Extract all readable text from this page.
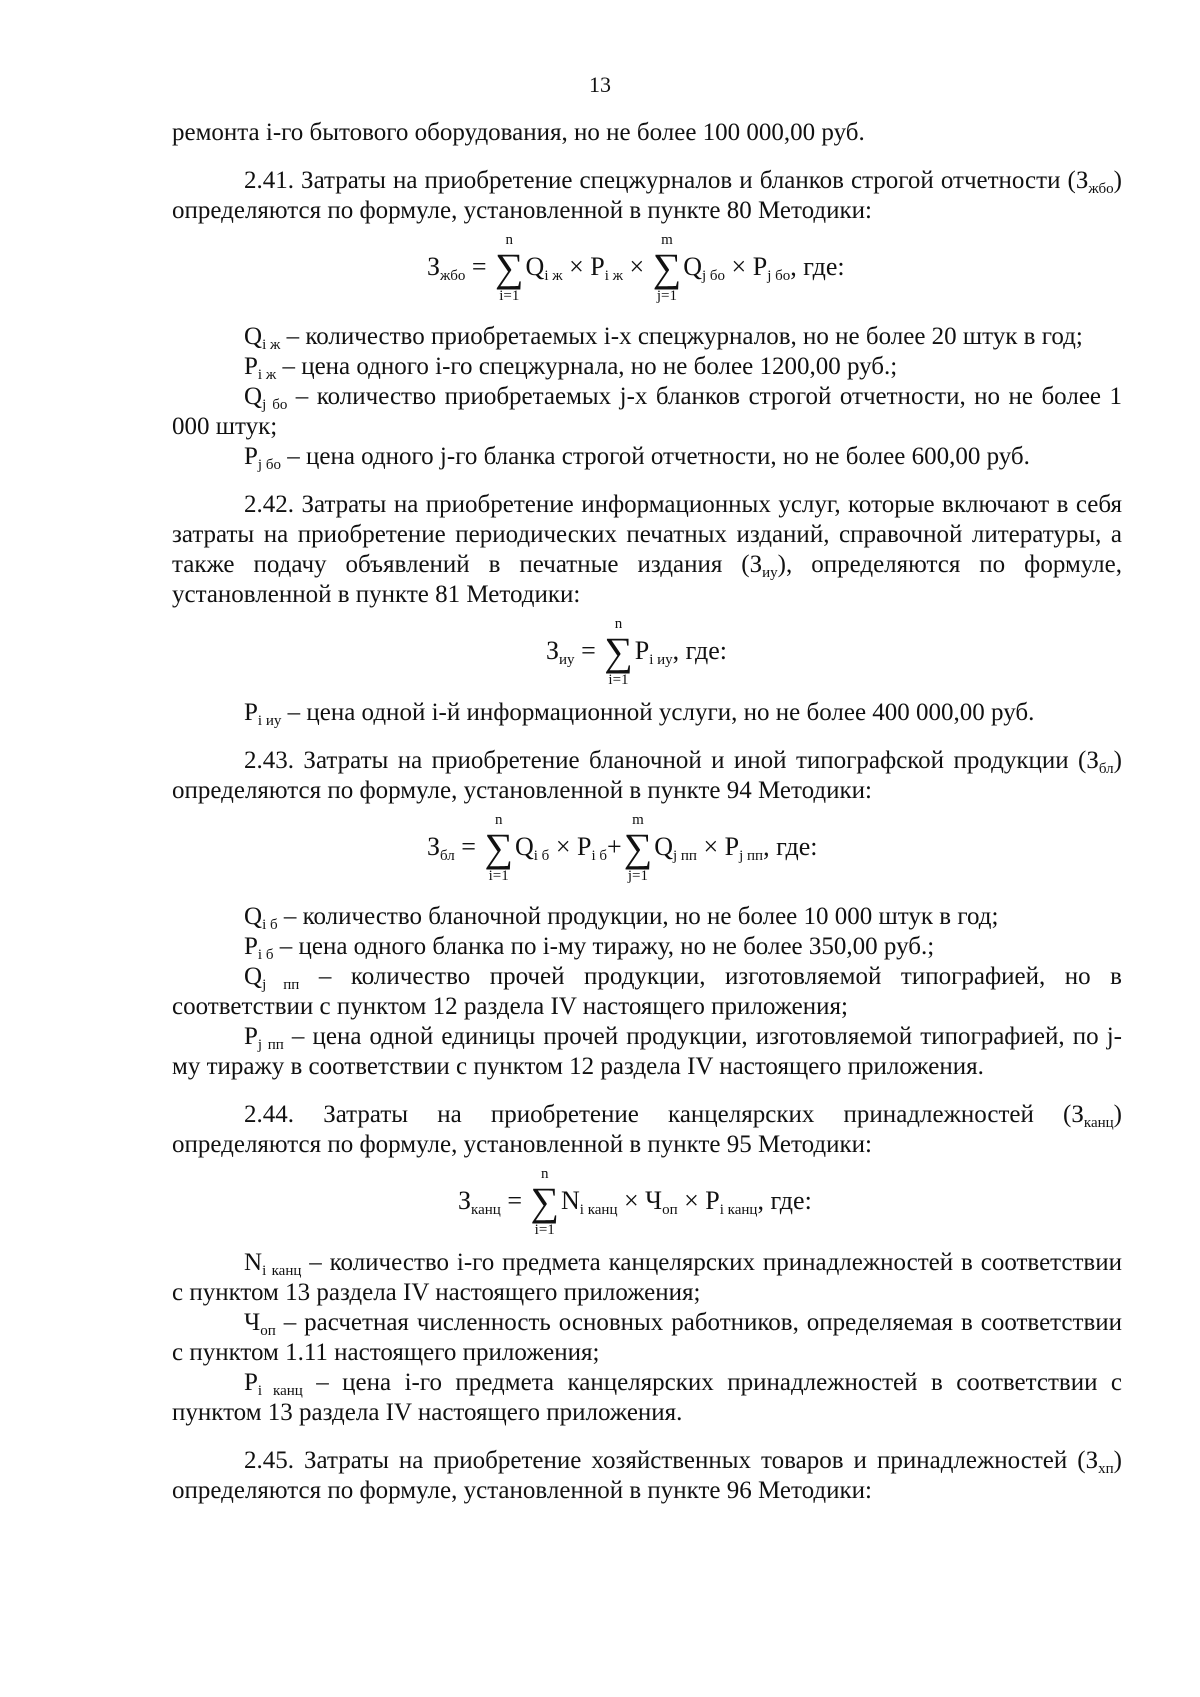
13

ремонта i-го бытового оборудования, но не более 100 000,00 руб.

2.41. Затраты на приобретение спецжурналов и бланков строгой отчетности $(З_{жбо})$ определяются по формуле, установленной в пункте 80 Методики:

$З_{жбо}$ = ∑
n
i=1
$Q_{i ж} \times P_{i ж}$ × ∑
m
j=1
$Q_{j бо} \times P_{j бо}$, где:

$Q_{i ж}$ – количество приобретаемых i-х спецжурналов, но не более 20 штук в год;

$P_{i ж}$ – цена одного i-го спецжурнала, но не более 1200,00 руб.;

$Q_{j бо}$ – количество приобретаемых j-х бланков строгой отчетности, но не более 1 000 штук;

$P_{j бо}$ – цена одного j-го бланка строгой отчетности, но не более 600,00 руб.

2.42. Затраты на приобретение информационных услуг, которые включают в себя затраты на приобретение периодических печатных изданий, справочной литературы, а также подачу объявлений в печатные издания $(З_{иу})$, определяются по формуле, установленной в пункте 81 Методики:

$З_{иу}$ = ∑
n
i=1
$P_{i иу}$, где:

$P_{i иу}$ – цена одной i-й информационной услуги, но не более 400 000,00 руб.

2.43. Затраты на приобретение бланочной и иной типографской продукции $(З_{бл})$ определяются по формуле, установленной в пункте 94 Методики:

$З_{бл}$ = ∑
n
i=1
$Q_{i б} \times P_{i б}+\sum$
m
j=1
$Q_{j пп} \times P_{j пп}$, где:

$Q_{i б}$ – количество бланочной продукции, но не более 10 000 штук в год;

$P_{i б}$ – цена одного бланка по i-му тиражу, но не более 350,00 руб.;

$Q_{j пп}$ – количество прочей продукции, изготовляемой типографией, но в соответствии с пунктом 12 раздела IV настоящего приложения;

$P_{j пп}$ – цена одной единицы прочей продукции, изготовляемой типографией, по j-му тиражу в соответствии с пунктом 12 раздела IV настоящего приложения.

2.44. Затраты на приобретение канцелярских принадлежностей $(З_{канц})$ определяются по формуле, установленной в пункте 95 Методики:

$З_{канц}$ = ∑
n
i=1
$N_{i канц} \times Ч_{оп} \times P_{i канц}$, где:

$N_{i канц}$ – количество i-го предмета канцелярских принадлежностей в соответствии с пунктом 13 раздела IV настоящего приложения;

$Ч_{оп}$ – расчетная численность основных работников, определяемая в соответствии с пунктом 1.11 настоящего приложения;

$P_{i канц}$ – цена i-го предмета канцелярских принадлежностей в соответствии с пунктом 13 раздела IV настоящего приложения.

2.45. Затраты на приобретение хозяйственных товаров и принадлежностей $(З_{хп})$ определяются по формуле, установленной в пункте 96 Методики:
